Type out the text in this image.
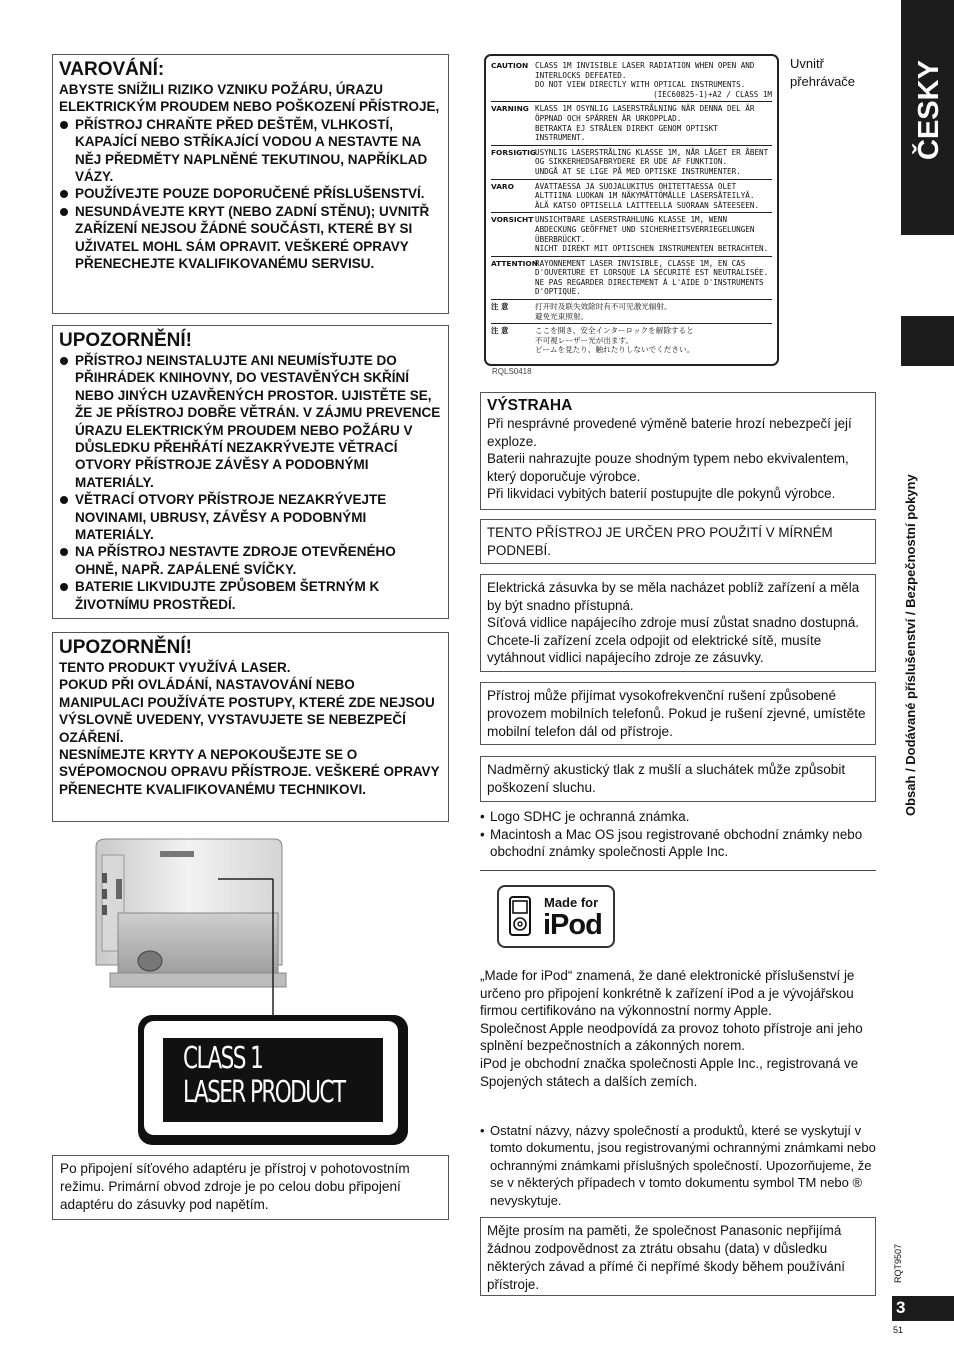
VAROVÁNÍ:
ABYSTE SNÍŽILI RIZIKO VZNIKU POŽÁRU, ÚRAZU ELEKTRICKÝM PROUDEM NEBO POŠKOZENÍ PŘÍSTROJE,
PŘÍSTROJ CHRAŇTE PŘED DEŠTĚM, VLHKOSTÍ, KAPAJÍCÍ NEBO STŘÍKAJÍCÍ VODOU A NESTAVTE NA NĚJ PŘEDMĚTY NAPLNĚNÉ TEKUTINOU, NAPŘÍKLAD VÁZY.
POUŽÍVEJTE POUZE DOPORUČENÉ PŘÍSLUŠENSTVÍ.
NESUNDÁVEJTE KRYT (NEBO ZADNÍ STĚNU); UVNITŘ ZAŘÍZENÍ NEJSOU ŽÁDNÉ SOUČÁSTI, KTERÉ BY SI UŽIVATEL MOHL SÁM OPRAVIT. VEŠKERÉ OPRAVY PŘENECHEJTE KVALIFIKOVANÉMU SERVISU.
UPOZORNĚNÍ!
PŘÍSTROJ NEINSTALUJTE ANI NEUMÍSŤUJTE DO PŘIHRÁDEK KNIHOVNY, DO VESTAVĚNÝCH SKŘÍNÍ NEBO JINÝCH UZAVŘENÝCH PROSTOR. UJISTĚTE SE, ŽE JE PŘÍSTROJ DOBŘE VĚTRÁN. V ZÁJMU PREVENCE ÚRAZU ELEKTRICKÝM PROUDEM NEBO POŽÁRU V DŮSLEDKU PŘEHŘÁTÍ NEZAKRÝVEJTE VĚTRACÍ OTVORY PŘÍSTROJE ZÁVĚSY A PODOBNÝMI MATERIÁLY.
VĚTRACÍ OTVORY PŘÍSTROJE NEZAKRÝVEJTE NOVINAMI, UBRUSY, ZÁVĚSY A PODOBNÝMI MATERIÁLY.
NA PŘÍSTROJ NESTAVTE ZDROJE OTEVŘENÉHO OHNĚ, NAPŘ. ZAPÁLENÉ SVÍČKY.
BATERIE LIKVIDUJTE ZPŮSOBEM ŠETRNÝM K ŽIVOTNÍMU PROSTŘEDÍ.
UPOZORNĚNÍ!
TENTO PRODUKT VYUŽÍVÁ LASER.
POKUD PŘI OVLÁDÁNÍ, NASTAVOVÁNÍ NEBO MANIPULACI POUŽÍVÁTE POSTUPY, KTERÉ ZDE NEJSOU VÝSLOVNĚ UVEDENY, VYSTAVUJETE SE NEBEZPEČÍ OZÁŘENÍ.
NESNÍMEJTE KRYTY A NEPOKOUŠEJTE SE O SVÉPOMOCNOU OPRAVU PŘÍSTROJE. VEŠKERÉ OPRAVY PŘENECHTE KVALIFIKOVANÉMU TECHNIKOVI.
CLASS 1
LASER PRODUCT
Po připojení síťového adaptéru je přístroj v pohotovostním režimu. Primární obvod zdroje je po celou dobu připojení adaptéru do zásuvky pod napětím.
CAUTION CLASS 1M INVISIBLE LASER RADIATION WHEN OPEN AND INTERLOCKS DEFEATED.
DO NOT VIEW DIRECTLY WITH OPTICAL INSTRUMENTS.
(IEC60825-1)+A2 / CLASS 1M
VARNING KLASS 1M OSYNLIG LASERSTRÅLNING NÄR DENNA DEL ÄR ÖPPNAD OCH SPÄRREN ÄR URKOPPLAD.
BETRAKTA EJ STRÅLEN DIREKT GENOM OPTISKT INSTRUMENT.
FORSIGTIG USYNLIG LASERSTRÅLING KLASSE 1M, NÅR LÅGET ER ÅBENT OG SIKKERHEDSAFBRYDERE ER UDE AF FUNKTION.
UNDGÅ AT SE LIGE PÅ MED OPTISKE INSTRUMENTER.
VARO	AVATTAESSA JA SUOJALUKITUS OHITETTAESSA OLET ALTTIINA LUOKAN 1M NÄKYMÄTTÖMÄLLE LASERSÄTEILYÄ.
ÄLÄ KATSO OPTISELLA LAITTEELLA SUORAAN SÄTEESEEN.
VORSICHT UNSICHTBARE LASERSTRAHLUNG KLASSE 1M, WENN ABDECKUNG GEÖFFNET UND SICHERHEITSVERRIEGELUNGEN ÜBERBRÜCKT.
NICHT DIREKT MIT OPTISCHEN INSTRUMENTEN BETRACHTEN.
ATTENTION
RAYONNEMENT LASER INVISIBLE, CLASSE 1M, EN CAS D'OUVERTURE ET LORSQUE LA SÉCURITÉ EST NEUTRALISÉE.
NE PAS REGARDER DIRECTEMENT À L'AIDE D'INSTRUMENTS D'OPTIQUE.
注 意	打开时及联失效除时有不可见激光辐射。
避免光束照射。
注 意	ここを開き、安全インターロックを解除すると
不可視レーザー光が出ます。
ビームを見たり、触れたりしないでください。
RQLS0418
Uvnitř přehrávače
VÝSTRAHA
Při nesprávné provedené výměně baterie hrozí nebezpečí její exploze.
Baterii nahrazujte pouze shodným typem nebo ekvivalentem, který doporučuje výrobce.
Při likvidaci vybitých baterií postupujte dle pokynů výrobce.
TENTO PŘÍSTROJ JE URČEN PRO POUŽITÍ V MÍRNÉM PODNEBÍ.
Elektrická zásuvka by se měla nacházet poblíž zařízení a měla by být snadno přístupná.
Síťová vidlice napájecího zdroje musí zůstat snadno dostupná.
Chcete-li zařízení zcela odpojit od elektrické sítě, musíte vytáhnout vidlici napájecího zdroje ze zásuvky.
Přístroj může přijímat vysokofrekvenční rušení způsobené provozem mobilních telefonů. Pokud je rušení zjevné, umístěte mobilní telefon dál od přístroje.
Nadměrný akustický tlak z mušlí a sluchátek může způsobit poškození sluchu.
• Logo SDHC je ochranná známka.
• Macintosh a Mac OS jsou registrované obchodní známky nebo obchodní známky společnosti Apple Inc.
Made for
iPod
„Made for iPod“ znamená, že dané elektronické příslušenství je určeno pro připojení konkrétně k zařízení iPod a je vývojářskou firmou certifikováno na výkonnostní normy Apple.
Společnost Apple neodpovídá za provoz tohoto přístroje ani jeho splnění bezpečnostních a zákonných norem.
iPod je obchodní značka společnosti Apple Inc., registrovaná ve Spojených státech a dalších zemích.
• Ostatní názvy, názvy společností a produktů, které se vyskytují v tomto dokumentu, jsou registrovanými ochrannými známkami nebo ochrannými známkami příslušných společností. Upozorňujeme, že se v některých případech v tomto dokumentu symbol TM nebo ® nevyskytuje.
Mějte prosím na paměti, že společnost Panasonic nepřijímá žádnou zodpovědnost za ztrátu obsahu (data) v důsledku některých závad a přímé či nepřímé škody během používání přístroje.
ČESKY
Obsah / Dodávané příslušenství / Bezpečnostní pokyny
RQT9507
3
51
